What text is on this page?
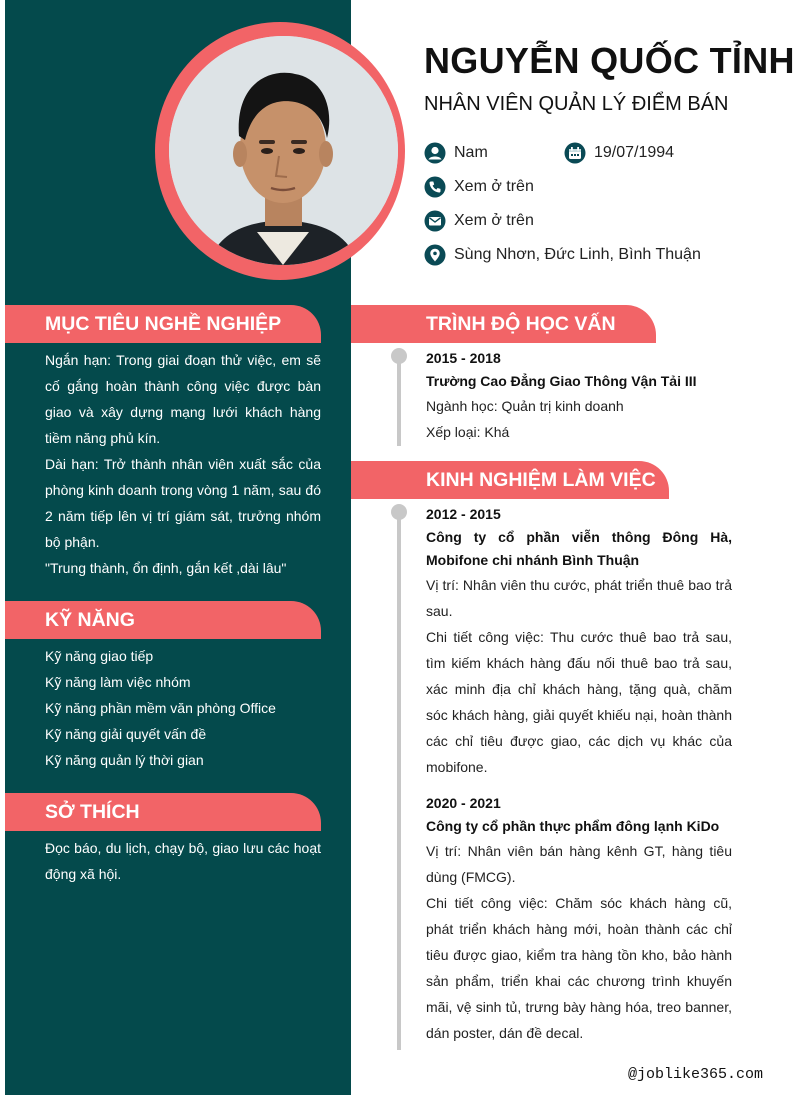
NGUYỄN QUỐC TỈNH
NHÂN VIÊN QUẢN LÝ ĐIỂM BÁN
Nam	19/07/1994
Xem ở trên
Xem ở trên
Sùng Nhơn, Đức Linh, Bình Thuận
MỤC TIÊU NGHỀ NGHIỆP

Ngắn hạn: Trong giai đoạn thử việc, em sẽ cố gắng hoàn thành công việc được bàn giao và xây dựng mạng lưới khách hàng tiềm năng phủ kín.

Dài hạn: Trở thành nhân viên xuất sắc của phòng kinh doanh trong vòng 1 năm, sau đó 2 năm tiếp lên vị trí giám sát, trưởng nhóm bộ phận.

"Trung thành, ổn định, gắn kết ,dài lâu"

KỸ NĂNG

Kỹ năng giao tiếp

Kỹ năng làm việc nhóm

Kỹ năng phần mềm văn phòng Office

Kỹ năng giải quyết vấn đề

Kỹ năng quản lý thời gian

SỞ THÍCH

Đọc báo, du lịch, chạy bộ, giao lưu các hoạt động xã hội.

TRÌNH ĐỘ HỌC VẤN
2015 - 2018
Trường Cao Đẳng Giao Thông Vận Tải III
Ngành học: Quản trị kinh doanh
Xếp loại: Khá
KINH NGHIỆM LÀM VIỆC
2012 - 2015
Công ty cổ phần viễn thông Đông Hà, Mobifone chi nhánh Bình Thuận
Vị trí: Nhân viên thu cước, phát triển thuê bao trả sau.
Chi tiết công việc: Thu cước thuê bao trả sau, tìm kiếm khách hàng đấu nối thuê bao trả sau, xác minh địa chỉ khách hàng, tặng quà, chăm sóc khách hàng, giải quyết khiếu nại, hoàn thành các chỉ tiêu được giao, các dịch vụ khác của mobifone.
2020 - 2021
Công ty cổ phần thực phẩm đông lạnh KiDo
Vị trí: Nhân viên bán hàng kênh GT, hàng tiêu dùng (FMCG).
Chi tiết công việc: Chăm sóc khách hàng cũ, phát triển khách hàng mới, hoàn thành các chỉ tiêu được giao, kiểm tra hàng tồn kho, bảo hành sản phẩm, triển khai các chương trình khuyến mãi, vệ sinh tủ, trưng bày hàng hóa, treo banner, dán poster, dán đề decal.
@joblike365.com
